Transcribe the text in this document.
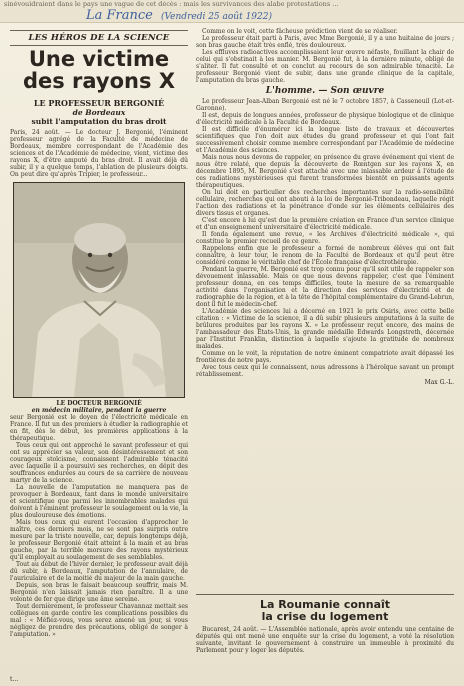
sinévouidraient dans le pays une vague de cet décès : mais les survivances des alabe protestations ...
La France (Vendredi 25 août 1922)
LES HÉROS DE LA SCIENCE
Une victime
des rayons X
LE PROFESSEUR BERGONIÉ
de Bordeaux
subit l'amputation du bras droit

Paris, 24 août. — Le docteur J. Bergonié, l'éminent professeur agrégé de la Faculté de médecine de Bordeaux, membre correspondant de l'Académie des sciences et de l'Académie de médecine, vient, victime des rayons X, d'être amputé du bras droit. Il avait déjà dû subir, il y a quelque temps, l'ablation de plusieurs doigts. On peut dire qu'après Tripier, le professeur...

LE DOCTEUR BERGONIÉ
en médecin militaire, pendant la guerre

seur Bergonié est le doyen de l'électricité médicale en France. Il fut un des premiers à étudier la radiographie et en fit, dès le début, les premières applications à la thérapeutique.

Tous ceux qui ont approché le savant professeur et qui ont su apprécier sa valeur, son désintéressement et son courageux stoïcisme, connaissent l'admirable ténacité avec laquelle il a poursuivi ses recherches, en dépit des souffrances endurées au cours de sa carrière de nouveau martyr de la science.

La nouvelle de l'amputation ne manquera pas de provoquer à Bordeaux, tant dans le monde universitaire et scientifique que parmi les innombrables malades qui doivent à l'éminent professeur le soulagement ou la vie, la plus douloureuse des émotions.

Mais tous ceux qui eurent l'occasion d'approcher le maître, ces derniers mois, ne se sont pas surpris outre mesure par la triste nouvelle, car, depuis longtemps déjà, le professeur Bergonié était atteint à la main et au bras gauche, par la terrible morsure des rayons mystérieux qu'il employait au soulagement de ses semblables.

Tout au début de l'hiver dernier, le professeur avait déjà dû subir, à Bordeaux, l'amputation de l'annulaire, de l'auriculaire et de la moitié du majeur de la main gauche.

Depuis, son bras le faisait beaucoup souffrir, mais M. Bergonié n'en laissait jamais rien paraître. Il a une volonté de fer que dirige une âme sereine.

Tout dernièrement, le professeur Chavannaz mettait ses collègues en garde contre les complications possibles du mal : « Méfiez-vous, vous serez amené un jour, si vous négligez de prendre des précautions, obligé de songer à l'amputation. »

Comme on le voit, cette fâcheuse prédiction vient de se réaliser.

Le professeur était parti à Paris, avec Mme Bergonié, il y a une huitaine de jours ; son bras gauche était très enflé, très douloureux.

Les effluves radioactives accomplissaient leur œuvre néfaste, fouillant la chair de celui qui s'obstinait à les manier. M. Bergonié fut, à la dernière minute, obligé de s'aliter. Il fut consulté et on conclut au recours de son admirable ténacité. Le professeur Bergonié vient de subir, dans une grande clinique de la capitale, l'amputation du bras gauche.

L'homme. — Son œuvre

Le professeur Jean-Alban Bergonié est né le 7 octobre 1857, à Casseneuil (Lot-et-Garonne).

Il est, depuis de longues années, professeur de physique biologique et de clinique d'électricité médicale à la Faculté de Bordeaux.

Il est difficile d'énumérer ici la longue liste de travaux et découvertes scientifiques que l'on doit aux études du grand professeur et qui l'ont fait successivement choisir comme membre correspondant par l'Académie de médecine et l'Académie des sciences.

Mais nous nous devons de rappeler, en présence du grave événement qui vient de nous être relaté, que depuis la découverte de Rœntgen sur les rayons X, en décembre 1895, M. Bergonié s'est attaché avec une inlassable ardeur à l'étude de ces radiations mystérieuses qui furent transformées bientôt en puissants agents thérapeutiques.

On lui doit en particulier des recherches importantes sur la radio-sensibilité cellulaire, recherches qui ont abouti à la loi de Bergonié-Tribondeau, laquelle régit l'action des radiations et la pénétrance d'onde sur les éléments cellulaires des divers tissus et organes.

C'est encore à lui qu'est due la première création en France d'un service clinique et d'un enseignement universitaire d'électricité médicale.

Il fonda également une revue, « les Archives d'électricité médicale », qui constitue le premier recueil de ce genre.

Rappelons enfin que le professeur a formé de nombreux élèves qui ont fait connaître, à leur tour, le renom de la Faculté de Bordeaux et qu'il peut être considéré comme le véritable chef de l'École française d'électrothérapie.

Pendant la guerre, M. Bergonié est trop connu pour qu'il soit utile de rappeler son dévouement inlassable. Mais ce que nous devons rappeler, c'est que l'éminent professeur donna, en ces temps difficiles, toute la mesure de sa remarquable activité dans l'organisation et la direction des services d'électricité et de radiographie de la région, et à la tête de l'hôpital complémentaire du Grand-Lebrun, dont il fut le médecin-chef.

L'Académie des sciences lui a décerné en 1921 le prix Osiris, avec cette belle citation : « Victime de la science, il a dû subir plusieurs amputations à la suite de brûlures produites par les rayons X. » Le professeur reçut encore, des mains de l'ambassadeur des États-Unis, la grande médaille Edwards Longstreth, décernée par l'Institut Franklin, distinction à laquelle s'ajoute la gratitude de nombreux malades.

Comme on le voit, la réputation de notre éminent compatriote avait dépassé les frontières de notre pays.

Avec tous ceux qui le connaissent, nous adressons à l'héroïque savant un prompt rétablissement.

Max G.-L.
La Roumanie connaît
la crise du logement

Bucarest, 24 août. — L'Assemblée nationale, après avoir entendu une centaine de députés qui ont mené une enquête sur la crise du logement, a voté la résolution suivante, invitant le gouvernement à construire un immeuble à proximité du Parlement pour y loger les députés.

t...
